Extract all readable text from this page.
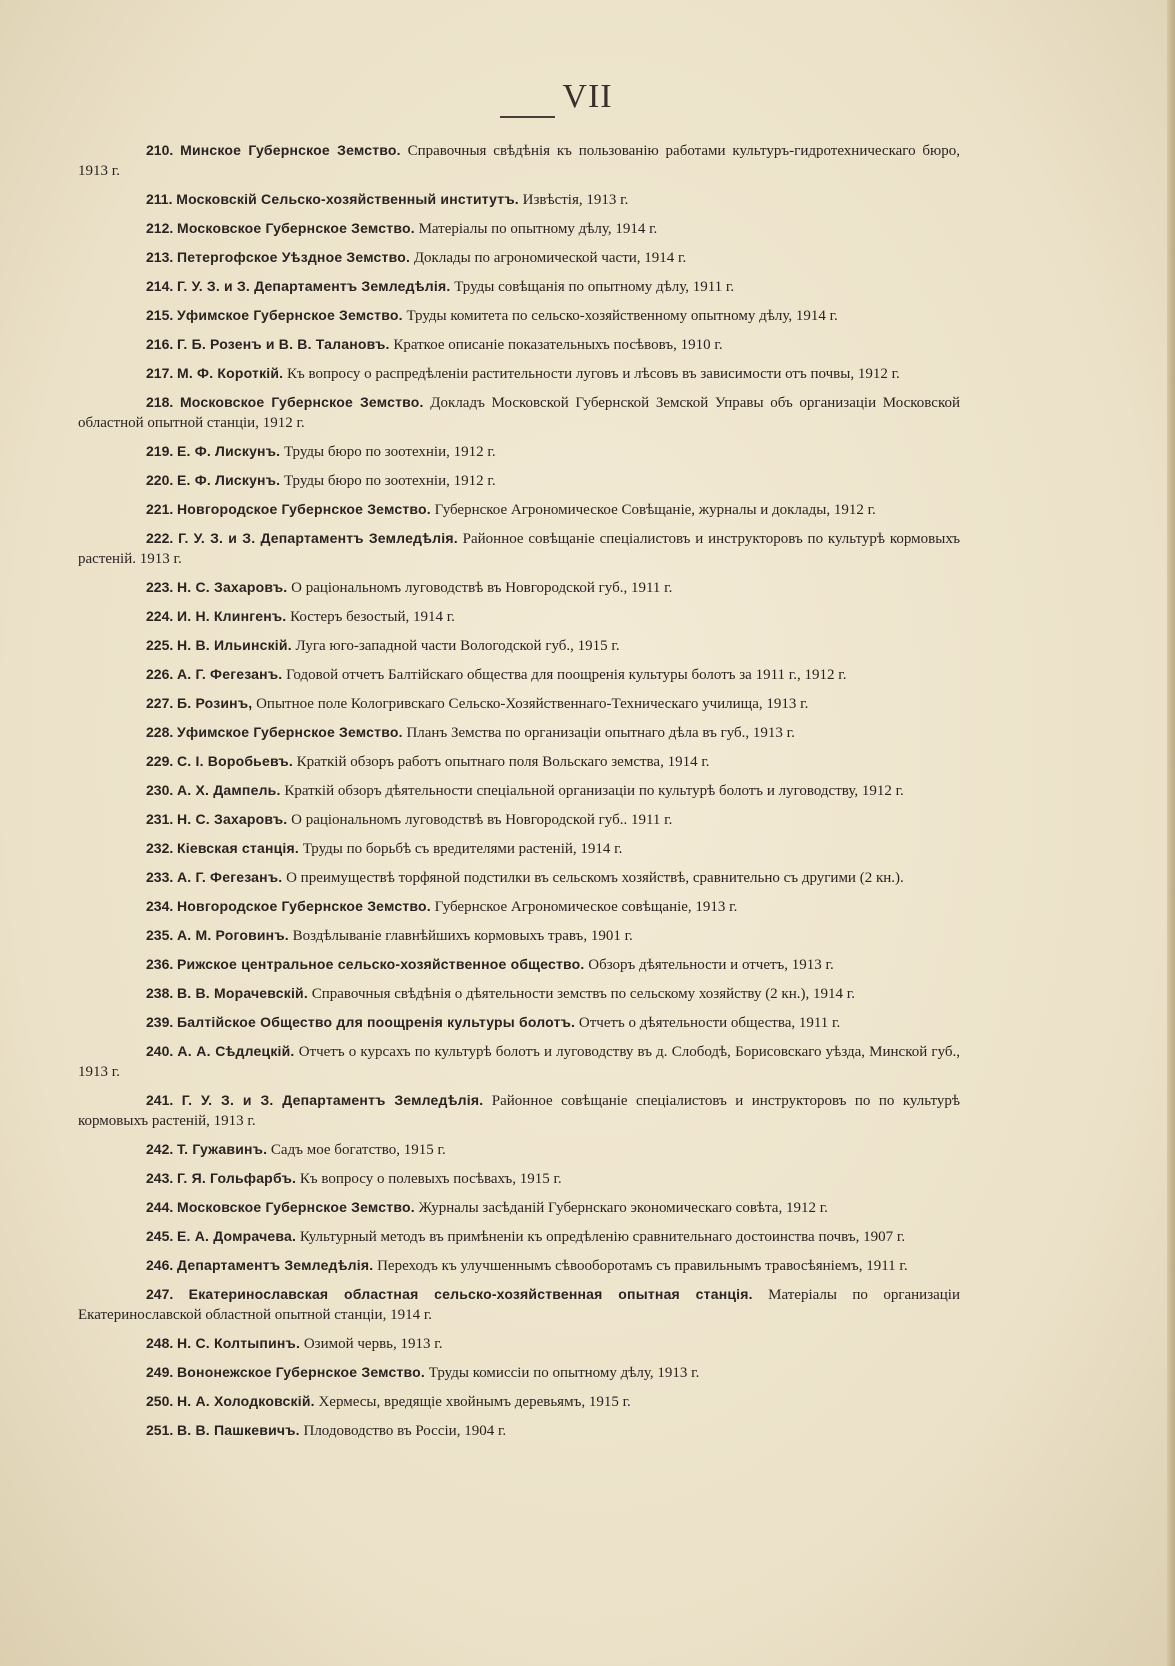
VII
210. Минское Губернское Земство. Справочныя свѣдѣнія къ пользованію работами культуръ-гидротехническаго бюро, 1913 г.
211. Московскій Сельско-хозяйственный институтъ. Извѣстія, 1913 г.
212. Московское Губернское Земство. Матеріалы по опытному дѣлу, 1914 г.
213. Петергофское Уѣздное Земство. Доклады по агрономической части, 1914 г.
214. Г. У. З. и З. Департаментъ Земледѣлія. Труды совѣщанія по опытному дѣлу, 1911 г.
215. Уфимское Губернское Земство. Труды комитета по сельско-хозяйственному опытному дѣлу, 1914 г.
216. Г. Б. Розенъ и В. В. Талановъ. Краткое описаніе показательныхъ посѣвовъ, 1910 г.
217. М. Ф. Короткій. Къ вопросу о распредѣленіи растительности луговъ и лѣсовъ въ зависимости отъ почвы, 1912 г.
218. Московское Губернское Земство. Докладъ Московской Губернской Земской Управы объ организаціи Московской областной опытной станціи, 1912 г.
219. Е. Ф. Лискунъ. Труды бюро по зоотехніи, 1912 г.
220. Е. Ф. Лискунъ. Труды бюро по зоотехніи, 1912 г.
221. Новгородское Губернское Земство. Губернское Агрономическое Совѣщаніе, журналы и доклады, 1912 г.
222. Г. У. З. и З. Департаментъ Земледѣлія. Районное совѣщаніе спеціалистовъ и инструкторовъ по культурѣ кормовыхъ растеній. 1913 г.
223. Н. С. Захаровъ. О раціональномъ луговодствѣ въ Новгородской губ., 1911 г.
224. И. Н. Клингенъ. Костеръ безостый, 1914 г.
225. Н. В. Ильинскій. Луга юго-западной части Вологодской губ., 1915 г.
226. А. Г. Фегезанъ. Годовой отчетъ Балтійскаго общества для поощренія культуры болотъ за 1911 г., 1912 г.
227. Б. Розинъ, Опытное поле Кологривскаго Сельско-Хозяйственнаго-Техническаго училища, 1913 г.
228. Уфимское Губернское Земство. Планъ Земства по организаціи опытнаго дѣла въ губ., 1913 г.
229. С. І. Воробьевъ. Краткій обзоръ работъ опытнаго поля Вольскаго земства, 1914 г.
230. А. Х. Дампель. Краткій обзоръ дѣятельности спеціальной организаціи по культурѣ болотъ и луговодству, 1912 г.
231. Н. С. Захаровъ. О раціональномъ луговодствѣ въ Новгородской губ.. 1911 г.
232. Кіевская станція. Труды по борьбѣ съ вредителями растеній, 1914 г.
233. А. Г. Фегезанъ. О преимуществѣ торфяной подстилки въ сельскомъ хозяйствѣ, сравнительно съ другими (2 кн.).
234. Новгородское Губернское Земство. Губернское Агрономическое совѣщаніе, 1913 г.
235. А. М. Роговинъ. Воздѣлываніе главнѣйшихъ кормовыхъ травъ, 1901 г.
236. Рижское центральное сельско-хозяйственное общество. Обзоръ дѣятельности и отчетъ, 1913 г.
238. В. В. Морачевскій. Справочныя свѣдѣнія о дѣятельности земствъ по сельскому хозяйству (2 кн.), 1914 г.
239. Балтійское Общество для поощренія культуры болотъ. Отчетъ о дѣятельности общества, 1911 г.
240. А. А. Сѣдлецкій. Отчетъ о курсахъ по культурѣ болотъ и луговодству въ д. Слободѣ, Борисовскаго уѣзда, Минской губ., 1913 г.
241. Г. У. З. и З. Департаментъ Земледѣлія. Районное совѣщаніе спеціалистовъ и инструкторовъ по по культурѣ кормовыхъ растеній, 1913 г.
242. Т. Гужавинъ. Садъ мое богатство, 1915 г.
243. Г. Я. Гольфарбъ. Къ вопросу о полевыхъ посѣвахъ, 1915 г.
244. Московское Губернское Земство. Журналы засѣданій Губернскаго экономическаго совѣта, 1912 г.
245. Е. А. Домрачева. Культурный методъ въ примѣненіи къ опредѣленію сравнительнаго достоинства почвъ, 1907 г.
246. Департаментъ Земледѣлія. Переходъ къ улучшеннымъ сѣвооборотамъ съ правильнымъ травосѣяніемъ, 1911 г.
247. Екатеринославская областная сельско-хозяйственная опытная станція. Матеріалы по организаціи Екатеринославской областной опытной станціи, 1914 г.
248. Н. С. Колтыпинъ. Озимой червь, 1913 г.
249. Вононежское Губернское Земство. Труды комиссіи по опытному дѣлу, 1913 г.
250. Н. А. Холодковскій. Хермесы, вредящіе хвойнымъ деревьямъ, 1915 г.
251. В. В. Пашкевичъ. Плодоводство въ Россіи, 1904 г.
